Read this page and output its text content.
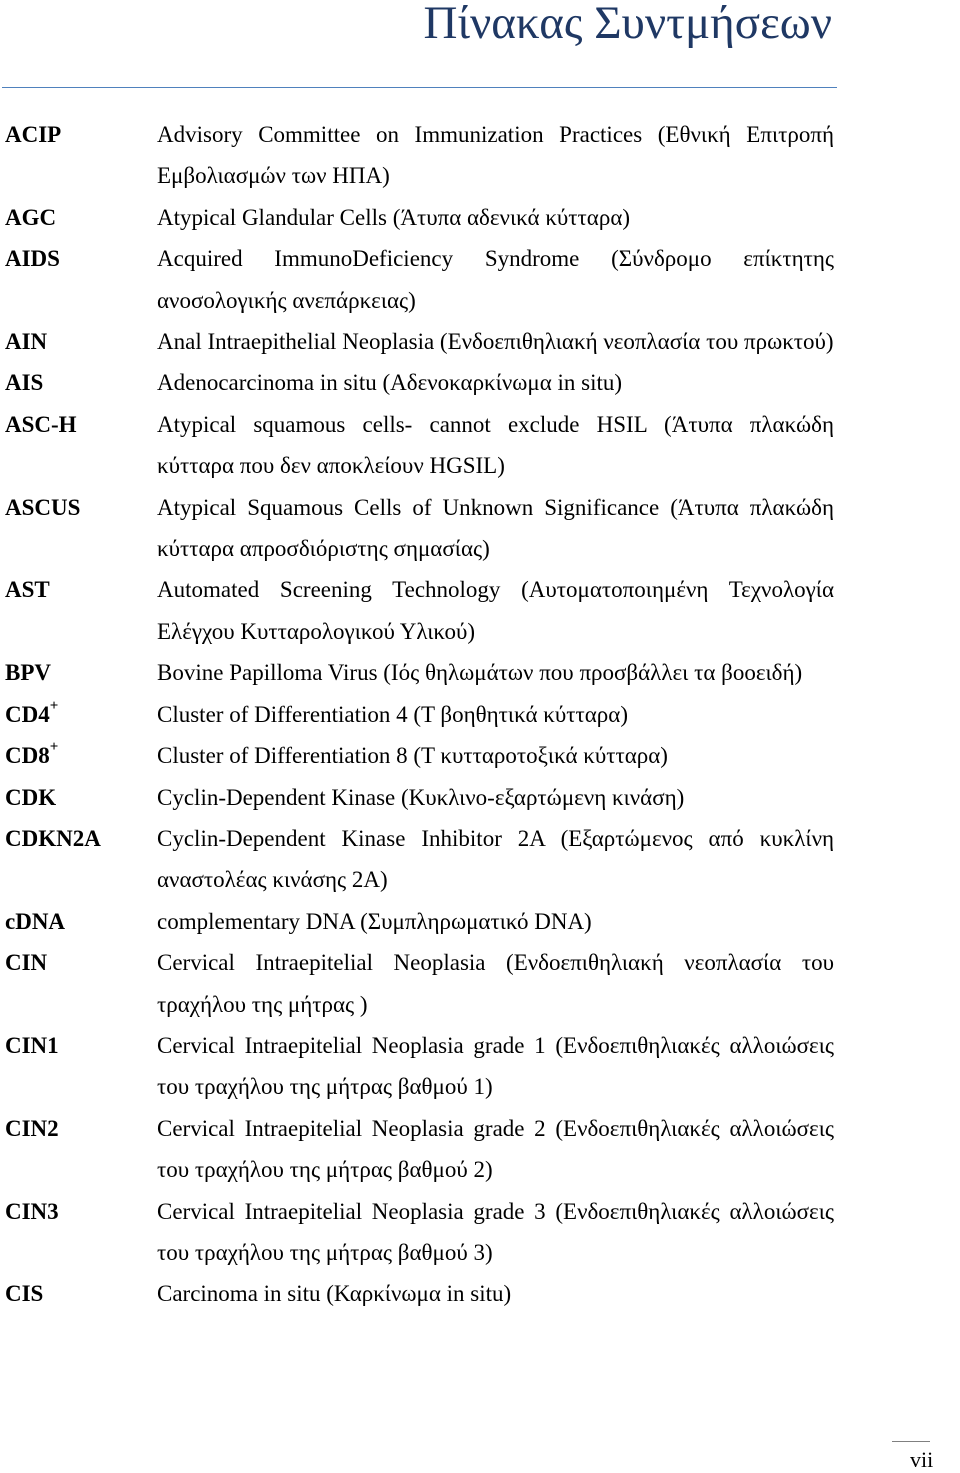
Πίνακας Συντμήσεων
ACIP	Advisory Committee on Immunization Practices (Εθνική Επιτροπή Εμβολιασμών των ΗΠΑ)
AGC	Atypical Glandular Cells (Άτυπα αδενικά κύτταρα)
AIDS	Acquired ImmunoDeficiency Syndrome (Σύνδρομο επίκτητης ανοσολογικής ανεπάρκειας)
AIN	Anal Intraepithelial Neoplasia (Ενδοεπιθηλιακή νεοπλασία του πρωκτού)
AIS	Adenocarcinoma in situ (Αδενοκαρκίνωμα in situ)
ASC-H	Atypical squamous cells- cannot exclude HSIL (Άτυπα πλακώδη κύτταρα που δεν αποκλείουν HGSIL)
ASCUS	Atypical Squamous Cells of Unknown Significance (Άτυπα πλακώδη κύτταρα απροσδιόριστης σημασίας)
AST	Automated Screening Technology (Αυτοματοποιημένη Τεχνολογία Ελέγχου Κυτταρολογικού Υλικού)
BPV	Bovine Papilloma Virus (Ιός θηλωμάτων που προσβάλλει τα βοοειδή)
CD4+	Cluster of Differentiation 4 (Τ βοηθητικά κύτταρα)
CD8+	Cluster of Differentiation 8 (Τ κυτταροτοξικά κύτταρα)
CDK	Cyclin-Dependent Kinase (Κυκλινο-εξαρτώμενη κινάση)
CDKN2A Cyclin-Dependent Kinase Inhibitor 2A (Εξαρτώμενος από κυκλίνη αναστολέας κινάσης 2A)
cDNA	complementary DNA (Συμπληρωματικό DNA)
CIN	Cervical Intraepitelial Neoplasia (Ενδοεπιθηλιακή νεοπλασία του τραχήλου της μήτρας )
CIN1	Cervical Intraepitelial Neoplasia grade 1 (Ενδοεπιθηλιακές αλλοιώσεις του τραχήλου της μήτρας βαθμού 1)
CIN2	Cervical Intraepitelial Neoplasia grade 2 (Ενδοεπιθηλιακές αλλοιώσεις του τραχήλου της μήτρας βαθμού 2)
CIN3	Cervical Intraepitelial Neoplasia grade 3 (Ενδοεπιθηλιακές αλλοιώσεις του τραχήλου της μήτρας βαθμού 3)
CIS	Carcinoma in situ (Καρκίνωμα in situ)
vii
